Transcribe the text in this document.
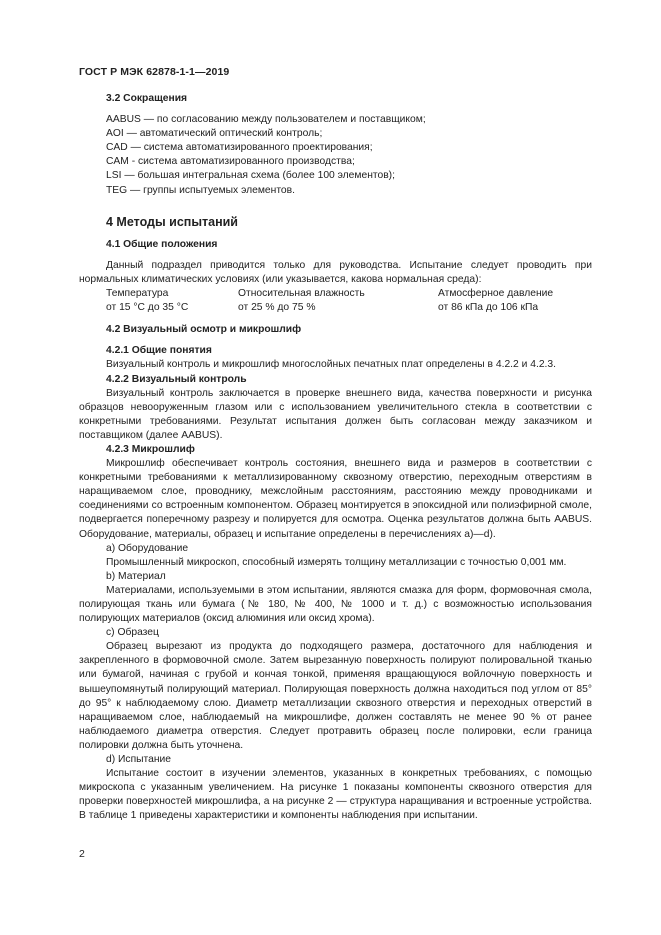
ГОСТ Р МЭК 62878-1-1—2019

3.2 Сокращения

AABUS — по согласованию между пользователем и поставщиком;

AOI — автоматический оптический контроль;

CAD — система автоматизированного проектирования;

CAM - система автоматизированного производства;

LSI — большая интегральная схема (более 100 элементов);

TEG — группы испытуемых элементов.

4 Методы испытаний

4.1 Общие положения

Данный подраздел приводится только для руководства. Испытание следует проводить при нормальных климатических условиях (или указывается, какова нормальная среда):

Температура	Относительная влажность	Атмосферное давление
от 15 °С до 35 °С	от 25 % до 75 %	от 86 кПа до 106 кПа

4.2 Визуальный осмотр и микрошлиф

4.2.1 Общие понятия

Визуальный контроль и микрошлиф многослойных печатных плат определены в 4.2.2 и 4.2.3.

4.2.2 Визуальный контроль

Визуальный контроль заключается в проверке внешнего вида, качества поверхности и рисунка образцов невооруженным глазом или с использованием увеличительного стекла в соответствии с конкретными требованиями. Результат испытания должен быть согласован между заказчиком и поставщиком (далее AABUS).

4.2.3 Микрошлиф

Микрошлиф обеспечивает контроль состояния, внешнего вида и размеров в соответствии с конкретными требованиями к металлизированному сквозному отверстию, переходным отверстиям в наращиваемом слое, проводнику, межслойным расстояниям, расстоянию между проводниками и соединениями со встроенным компонентом. Образец монтируется в эпоксидной или полиэфирной смоле, подвергается поперечному разрезу и полируется для осмотра. Оценка результатов должна быть AABUS. Оборудование, материалы, образец и испытание определены в перечислениях а)—d).

a) Оборудование

Промышленный микроскоп, способный измерять толщину металлизации с точностью 0,001 мм.

b) Материал

Материалами, используемыми в этом испытании, являются смазка для форм, формовочная смола, полирующая ткань или бумага (№ 180, № 400, № 1000 и т. д.) с возможностью использования полирующих материалов (оксид алюминия или оксид хрома).

c) Образец

Образец вырезают из продукта до подходящего размера, достаточного для наблюдения и закрепленного в формовочной смоле. Затем вырезанную поверхность полируют полировальной тканью или бумагой, начиная с грубой и кончая тонкой, применяя вращающуюся войлочную поверхность и вышеупомянутый полирующий материал. Полирующая поверхность должна находиться под углом от 85° до 95° к наблюдаемому слою. Диаметр металлизации сквозного отверстия и переходных отверстий в наращиваемом слое, наблюдаемый на микрошлифе, должен составлять не менее 90 % от ранее наблюдаемого диаметра отверстия. Следует протравить образец после полировки, если граница полировки должна быть уточнена.

d) Испытание

Испытание состоит в изучении элементов, указанных в конкретных требованиях, с помощью микроскопа с указанным увеличением. На рисунке 1 показаны компоненты сквозного отверстия для проверки поверхностей микрошлифа, а на рисунке 2 — структура наращивания и встроенные устройства. В таблице 1 приведены характеристики и компоненты наблюдения при испытании.

2
